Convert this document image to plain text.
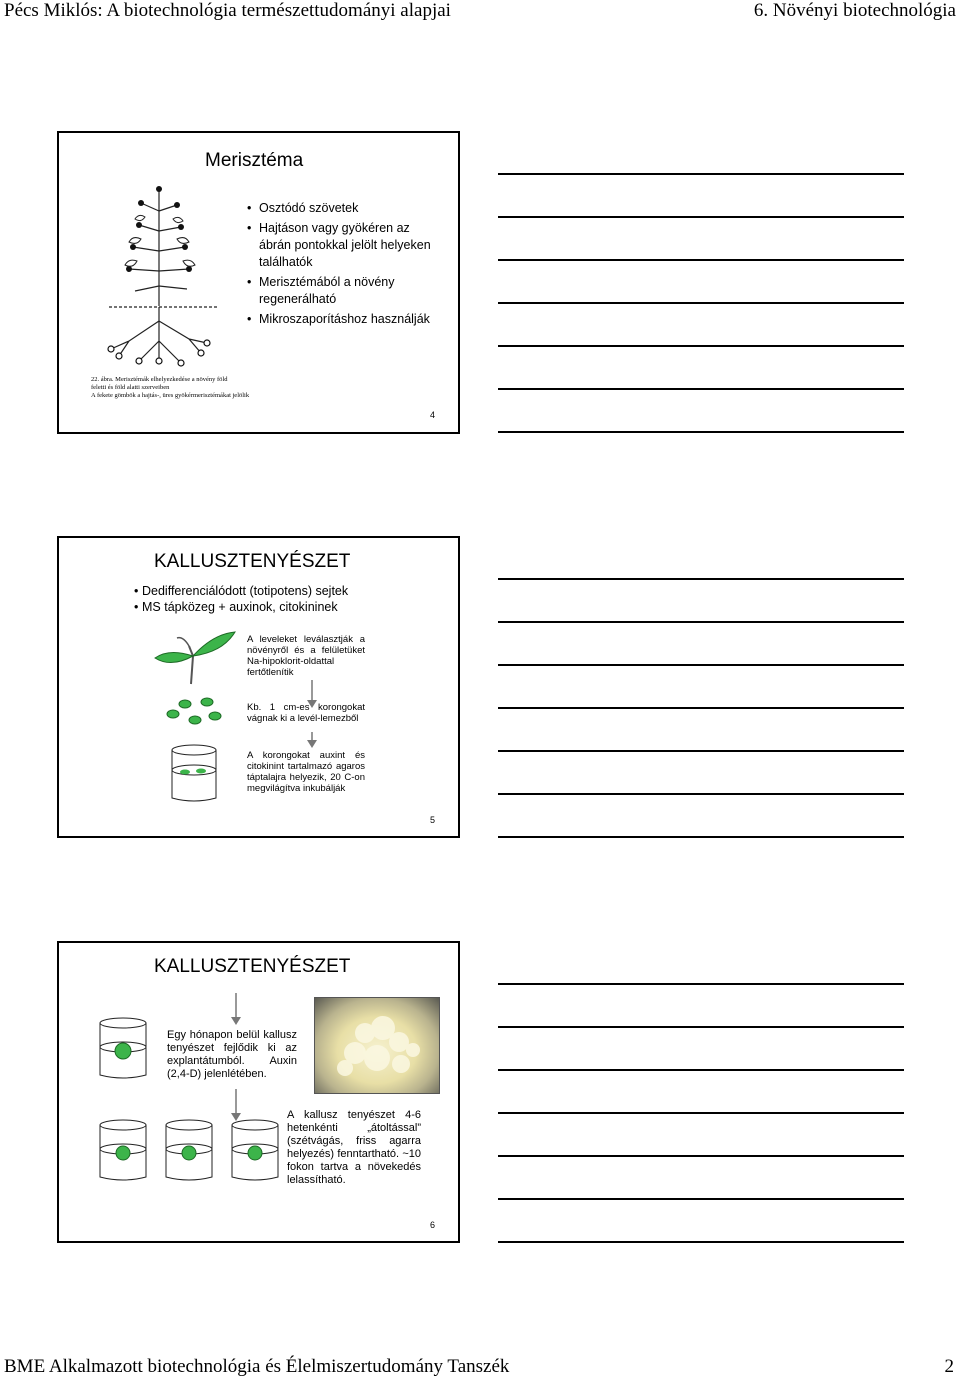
Pécs Miklós: A biotechnológia természettudományi alapjai	6. Növényi biotechnológia
Merisztéma
22. ábra. Merisztémák elhelyezkedése a növény föld
feletti és föld alatti szerveiben
A fekete gömbök a hajtás-, üres gyökérmerisztémákat jelölik
• Osztódó szövetek
• Hajtáson vagy gyökéren az ábrán pontokkal jelölt helyeken találhatók
• Merisztémából a növény regenerálható
• Mikroszaporításhoz használják
4
KALLUSZTENYÉSZET
• Dedifferenciálódott (totipotens) sejtek
• MS tápközeg + auxinok, citokininek
A leveleket leválasztják a növényről és a felületüket Na-hipoklorit-oldattal fertőtlenítik
Kb. 1 cm-es korongokat vágnak ki a levél-lemezből
A korongokat auxint és citokinint tartalmazó agaros táptalajra helyezik, 20 C-on megvilágítva inkubálják
5
KALLUSZTENYÉSZET
Egy hónapon belül kallusz tenyészet fejlődik ki az explantátumból. Auxin (2,4-D) jelenlétében.
A kallusz tenyészet 4-6 hetenkénti „átoltással” (szétvágás, friss agarra helyezés) fenntartható. ~10 fokon tartva a növekedés lelassítható.
6
BME Alkalmazott biotechnológia és Élelmiszertudomány Tanszék	2
